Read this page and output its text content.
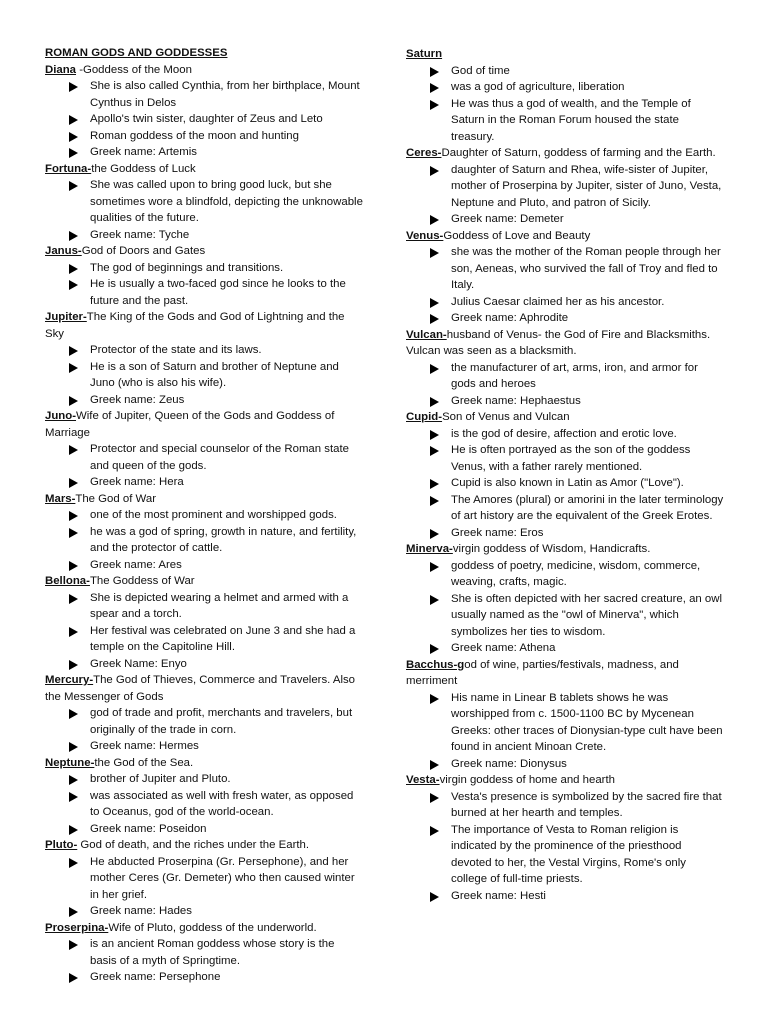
ROMAN GODS AND GODDESSES

Diana -Goddess of the Moon

She is also called Cynthia, from her birthplace, Mount Cynthus in Delos
Apollo's twin sister, daughter of Zeus and Leto
Roman goddess of the moon and hunting
Greek name: Artemis

Fortuna-the Goddess of Luck

She was called upon to bring good luck, but she sometimes wore a blindfold, depicting the unknowable qualities of the future.
Greek name: Tyche

Janus-God of Doors and Gates

The god of beginnings and transitions.
He is usually a two-faced god since he looks to the future and the past.

Jupiter-The King of the Gods and God of Lightning and the Sky

Protector of the state and its laws.
He is a son of Saturn and brother of Neptune and Juno (who is also his wife).
Greek name: Zeus

Juno-Wife of Jupiter, Queen of the Gods and Goddess of Marriage

Protector and special counselor of the Roman state and queen of the gods.
Greek name: Hera

Mars-The God of War

one of the most prominent and worshipped gods.
he was a god of spring, growth in nature, and fertility, and the protector of cattle.
Greek name: Ares

Bellona-The Goddess of War

She is depicted wearing a helmet and armed with a spear and a torch.
Her festival was celebrated on June 3 and she had a temple on the Capitoline Hill.
Greek Name: Enyo

Mercury-The God of Thieves, Commerce and Travelers. Also the Messenger of Gods

god of trade and profit, merchants and travelers, but originally of the trade in corn.
Greek name: Hermes

Neptune-the God of the Sea.

brother of Jupiter and Pluto.
was associated as well with fresh water, as opposed to Oceanus, god of the world-ocean.
Greek name: Poseidon

Pluto- God of death, and the riches under the Earth.

He abducted Proserpina (Gr. Persephone), and her mother Ceres (Gr. Demeter) who then caused winter in her grief.
Greek name: Hades

Proserpina-Wife of Pluto, goddess of the underworld.

is an ancient Roman goddess whose story is the basis of a myth of Springtime.
Greek name: Persephone

Saturn

God of time
was a god of agriculture, liberation
He was thus a god of wealth, and the Temple of Saturn in the Roman Forum housed the state treasury.

Ceres-Daughter of Saturn, goddess of farming and the Earth.

daughter of Saturn and Rhea, wife-sister of Jupiter, mother of Proserpina by Jupiter, sister of Juno, Vesta, Neptune and Pluto, and patron of Sicily.
Greek name: Demeter

Venus-Goddess of Love and Beauty

she was the mother of the Roman people through her son, Aeneas, who survived the fall of Troy and fled to Italy.
Julius Caesar claimed her as his ancestor.
Greek name: Aphrodite

Vulcan-husband of Venus- the God of Fire and Blacksmiths. Vulcan was seen as a blacksmith.

the manufacturer of art, arms, iron, and armor for gods and heroes
Greek name: Hephaestus

Cupid-Son of Venus and Vulcan

is the god of desire, affection and erotic love.
He is often portrayed as the son of the goddess Venus, with a father rarely mentioned.
Cupid is also known in Latin as Amor ("Love").
The Amores (plural) or amorini in the later terminology of art history are the equivalent of the Greek Erotes.
Greek name: Eros

Minerva-virgin goddess of Wisdom, Handicrafts.

goddess of poetry, medicine, wisdom, commerce, weaving, crafts, magic.
She is often depicted with her sacred creature, an owl usually named as the "owl of Minerva", which symbolizes her ties to wisdom.
Greek name: Athena

Bacchus-god of wine, parties/festivals, madness, and merriment

His name in Linear B tablets shows he was worshipped from c. 1500-1100 BC by Mycenean Greeks: other traces of Dionysian-type cult have been found in ancient Minoan Crete.
Greek name: Dionysus

Vesta-virgin goddess of home and hearth

Vesta's presence is symbolized by the sacred fire that burned at her hearth and temples.
The importance of Vesta to Roman religion is indicated by the prominence of the priesthood devoted to her, the Vestal Virgins, Rome's only college of full-time priests.
Greek name: Hesti
